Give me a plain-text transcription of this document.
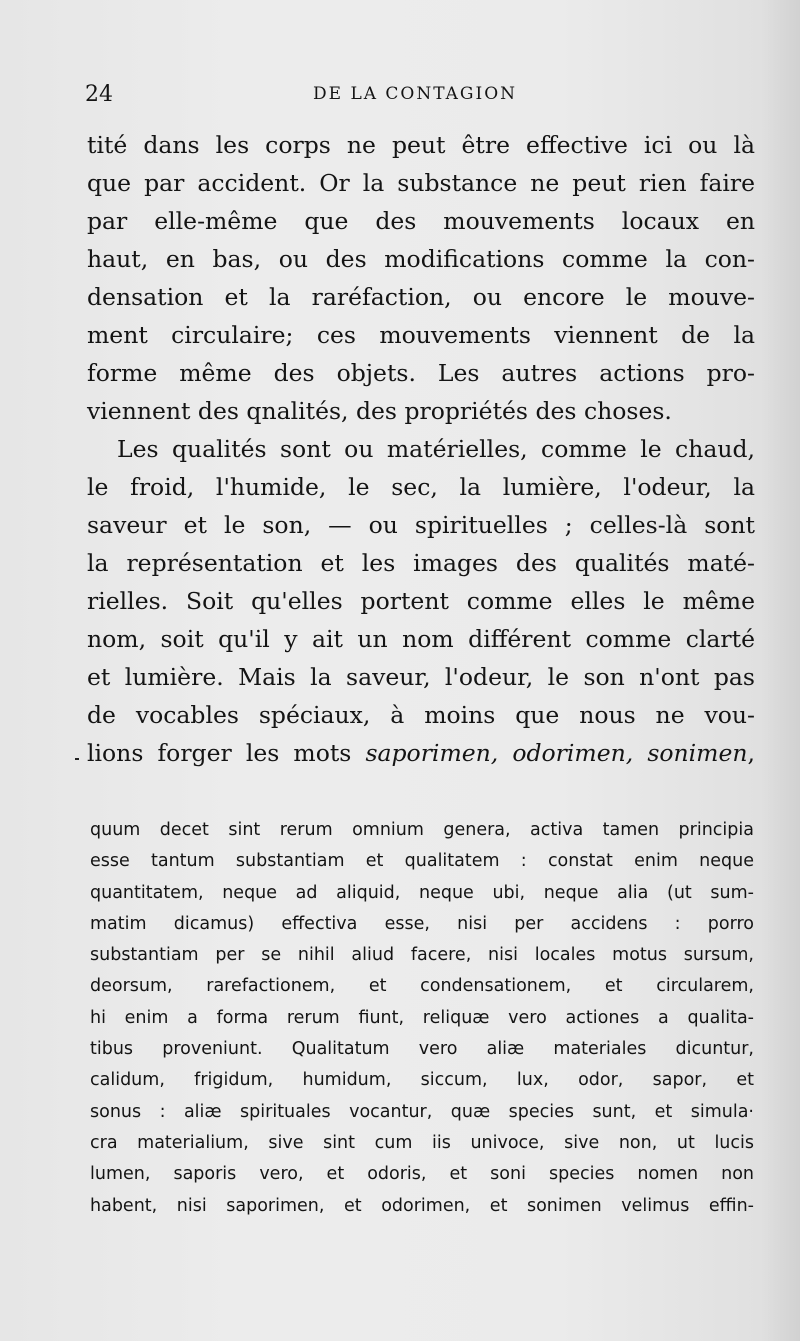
24	DE LA CONTAGION
tité dans les corps ne peut être effective ici ou là
que par accident. Or la substance ne peut rien faire
par elle-même que des mouvements locaux en
haut, en bas, ou des modifications comme la con-
densation et la raréfaction, ou encore le mouve-
ment circulaire; ces mouvements viennent de la
forme même des objets. Les autres actions pro-
viennent des qnalités, des propriétés des choses.
Les qualités sont ou matérielles, comme le chaud,
le froid, l'humide, le sec, la lumière, l'odeur, la
saveur et le son, — ou spirituelles ; celles-là sont
la représentation et les images des qualités maté-
rielles. Soit qu'elles portent comme elles le même
nom, soit qu'il y ait un nom différent comme clarté
et lumière. Mais la saveur, l'odeur, le son n'ont pas
de vocables spéciaux, à moins que nous ne vou-
lions forger les mots saporimen, odorimen, sonimen,
quum decet sint rerum omnium genera, activa tamen principia
esse tantum substantiam et qualitatem : constat enim neque
quantitatem, neque ad aliquid, neque ubi, neque alia (ut sum-
matim dicamus) effectiva esse, nisi per accidens : porro
substantiam per se nihil aliud facere, nisi locales motus sursum,
deorsum, rarefactionem, et condensationem, et circularem,
hi enim a forma rerum fiunt, reliquæ vero actiones a qualita-
tibus proveniunt. Qualitatum vero aliæ materiales dicuntur,
calidum, frigidum, humidum, siccum, lux, odor, sapor, et
sonus : aliæ spirituales vocantur, quæ species sunt, et simula·
cra materialium, sive sint cum iis univoce, sive non, ut lucis
lumen, saporis vero, et odoris, et soni species nomen non
habent, nisi saporimen, et odorimen, et sonimen velimus effin-
